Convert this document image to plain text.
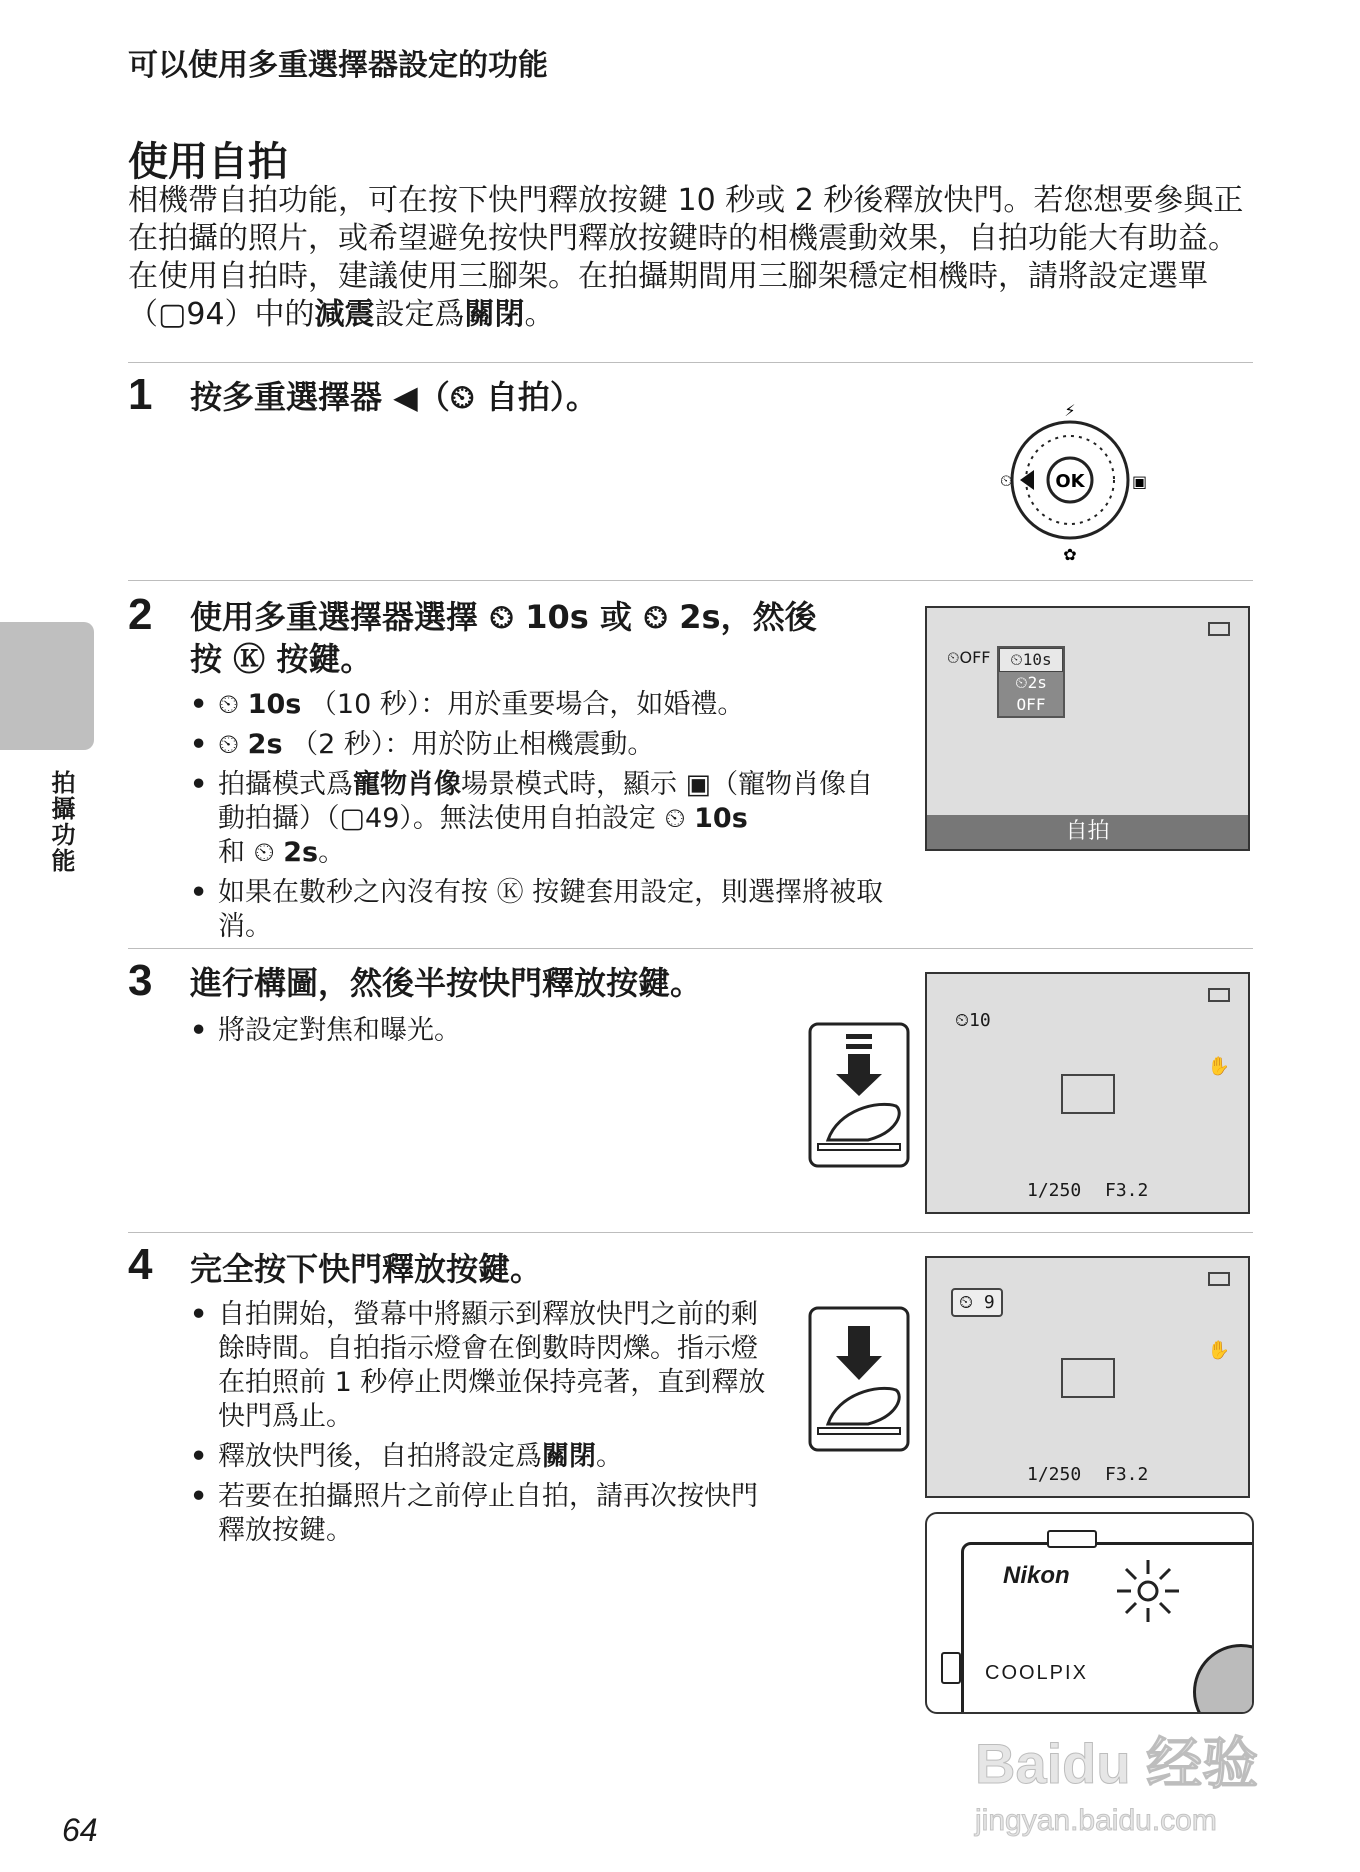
可以使用多重選擇器設定的功能
使用自拍
相機帶自拍功能，可在按下快門釋放按鍵 10 秒或 2 秒後釋放快門。若您想要參與正在拍攝的照片，或希望避免按快門釋放按鍵時的相機震動效果，自拍功能大有助益。在使用自拍時，建議使用三腳架。在拍攝期間用三腳架穩定相機時，請將設定選單 （▢94）中的減震設定爲關閉。
拍攝功能
1 按多重選擇器 ◀（⏲ 自拍）。
OK
⚡
⏲	▣
✿
2 使用多重選擇器選擇 ⏲ 10s 或 ⏲ 2s，然後
按 Ⓚ 按鍵。
• ⏲ 10s （10 秒）：用於重要場合，如婚禮。
• ⏲ 2s （2 秒）：用於防止相機震動。
• 拍攝模式爲寵物肖像場景模式時，顯示 ▣（寵物肖像自動拍攝）（▢49）。無法使用自拍設定 ⏲ 10s
和 ⏲ 2s。
• 如果在數秒之內沒有按 Ⓚ 按鍵套用設定，則選擇將被取消。
⏲OFF	⏲10s
⏲2s
OFF
自拍
3 進行構圖，然後半按快門釋放按鍵。
• 將設定對焦和曝光。	⏲10
✋
1/250 F3.2
4 完全按下快門釋放按鍵。
• 自拍開始，螢幕中將顯示到釋放快門之前的剩餘時間。自拍指示燈會在倒數時閃爍。指示燈在拍照前 1 秒停止閃爍並保持亮著，直到釋放快門爲止。
• 釋放快門後，自拍將設定爲關閉。
• 若要在拍攝照片之前停止自拍，請再次按快門釋放按鍵。
⏲ 9
✋
1/250 F3.2
Nikon
COOLPIX
64
Baidu 经验
jingyan.baidu.com
